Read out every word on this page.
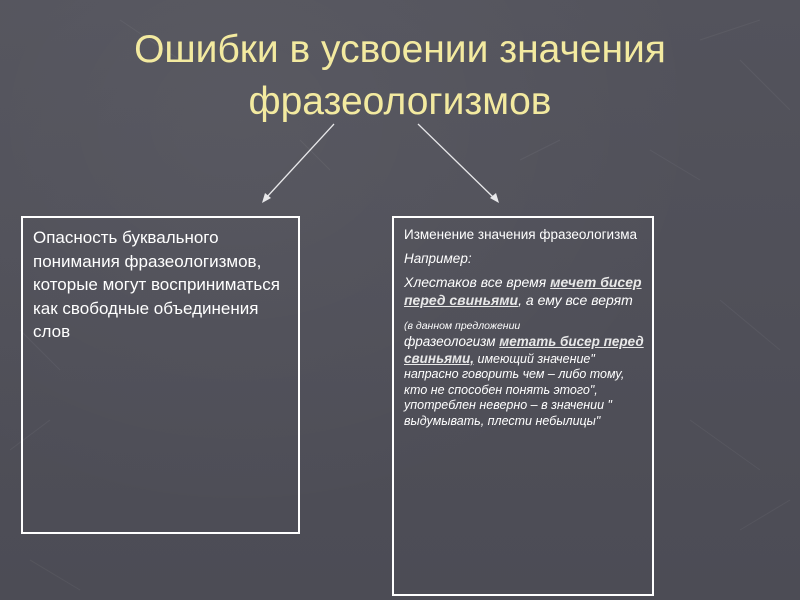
Ошибки в усвоении значения фразеологизмов
Опасность буквального понимания фразеологизмов, которые могут восприниматься как свободные объединения слов
Изменение значения фразеологизма
Например:
Хлестаков все время мечет бисер перед свиньями, а ему все верят
(в данном предложении
фразеологизм метать бисер перед свиньями, имеющий значение" напрасно говорить чем – либо тому, кто не способен понять этого", употреблен неверно – в значении " выдумывать, плести небылицы"
